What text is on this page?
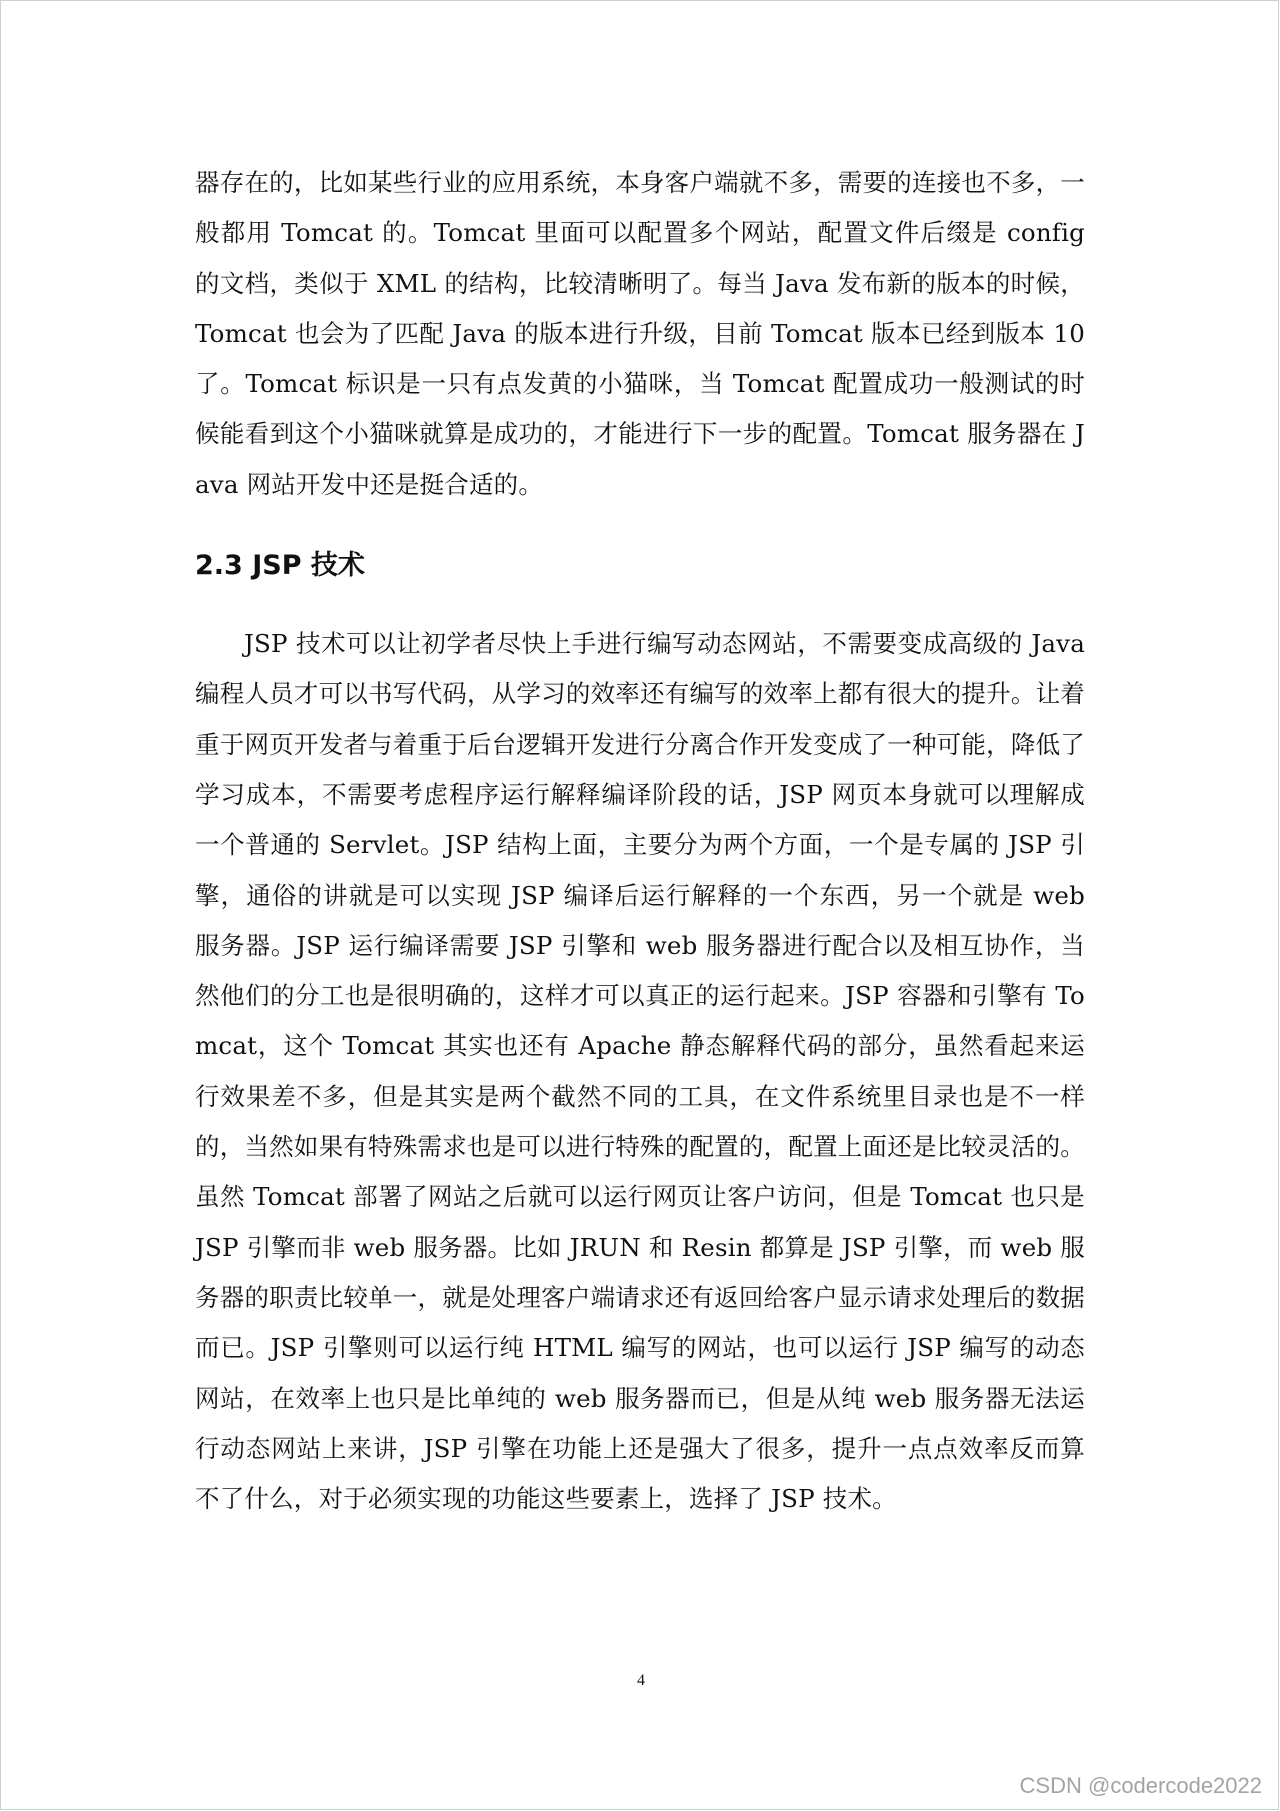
器存在的，比如某些行业的应用系统，本身客户端就不多，需要的连接也不多，一般都用 Tomcat 的。Tomcat 里面可以配置多个网站，配置文件后缀是 config 的文档，类似于 XML 的结构，比较清晰明了。每当 Java 发布新的版本的时候，Tomcat 也会为了匹配 Java 的版本进行升级，目前 Tomcat 版本已经到版本 10 了。Tomcat 标识是一只有点发黄的小猫咪，当 Tomcat 配置成功一般测试的时候能看到这个小猫咪就算是成功的，才能进行下一步的配置。Tomcat 服务器在 Java 网站开发中还是挺合适的。

2.3 JSP 技术

JSP 技术可以让初学者尽快上手进行编写动态网站，不需要变成高级的 Java 编程人员才可以书写代码，从学习的效率还有编写的效率上都有很大的提升。让着重于网页开发者与着重于后台逻辑开发进行分离合作开发变成了一种可能，降低了学习成本，不需要考虑程序运行解释编译阶段的话，JSP 网页本身就可以理解成一个普通的 Servlet。JSP 结构上面，主要分为两个方面，一个是专属的 JSP 引擎，通俗的讲就是可以实现 JSP 编译后运行解释的一个东西，另一个就是 web 服务器。JSP 运行编译需要 JSP 引擎和 web 服务器进行配合以及相互协作，当然他们的分工也是很明确的，这样才可以真正的运行起来。JSP 容器和引擎有 Tomcat，这个 Tomcat 其实也还有 Apache 静态解释代码的部分，虽然看起来运行效果差不多，但是其实是两个截然不同的工具，在文件系统里目录也是不一样的，当然如果有特殊需求也是可以进行特殊的配置的，配置上面还是比较灵活的。虽然 Tomcat 部署了网站之后就可以运行网页让客户访问，但是 Tomcat 也只是 JSP 引擎而非 web 服务器。比如 JRUN 和 Resin 都算是 JSP 引擎，而 web 服务器的职责比较单一，就是处理客户端请求还有返回给客户显示请求处理后的数据而已。JSP 引擎则可以运行纯 HTML 编写的网站，也可以运行 JSP 编写的动态网站，在效率上也只是比单纯的 web 服务器而已，但是从纯 web 服务器无法运行动态网站上来讲，JSP 引擎在功能上还是强大了很多，提升一点点效率反而算不了什么，对于必须实现的功能这些要素上，选择了 JSP 技术。

4
CSDN @codercode2022
